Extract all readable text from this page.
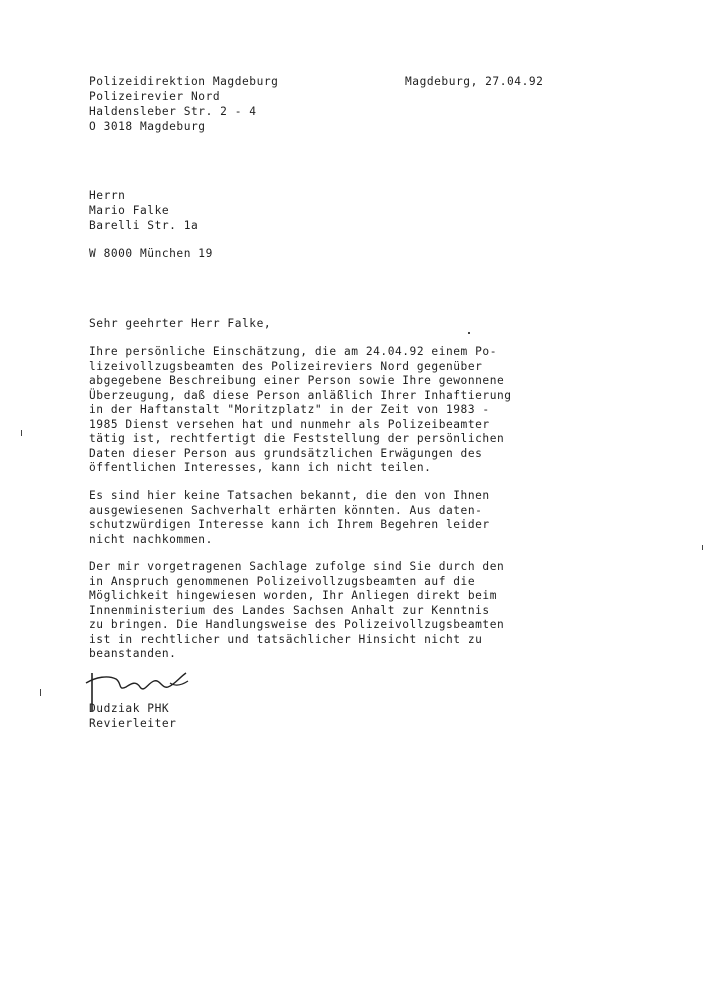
Polizeidirektion Magdeburg
Polizeirevier Nord
Haldensleber Str. 2 - 4
O 3018 Magdeburg
Magdeburg, 27.04.92
Herrn
Mario Falke
Barelli Str. 1a
W 8000 München 19
Sehr geehrter Herr Falke,
Ihre persönliche Einschätzung, die am 24.04.92 einem Po-
lizeivollzugsbeamten des Polizeireviers Nord gegenüber
abgegebene Beschreibung einer Person sowie Ihre gewonnene
Überzeugung, daß diese Person anläßlich Ihrer Inhaftierung
in der Haftanstalt "Moritzplatz" in der Zeit von 1983 -
1985 Dienst versehen hat und nunmehr als Polizeibeamter
tätig ist, rechtfertigt die Feststellung der persönlichen
Daten dieser Person aus grundsätzlichen Erwägungen des
öffentlichen Interesses, kann ich nicht teilen.
Es sind hier keine Tatsachen bekannt, die den von Ihnen
ausgewiesenen Sachverhalt erhärten könnten. Aus daten-
schutzwürdigen Interesse kann ich Ihrem Begehren leider
nicht nachkommen.
Der mir vorgetragenen Sachlage zufolge sind Sie durch den
in Anspruch genommenen Polizeivollzugsbeamten auf die
Möglichkeit hingewiesen worden, Ihr Anliegen direkt beim
Innenministerium des Landes Sachsen Anhalt zur Kenntnis
zu bringen. Die Handlungsweise des Polizeivollzugsbeamten
ist in rechtlicher und tatsächlicher Hinsicht nicht zu
beanstanden.
Dudziak PHK
Revierleiter
